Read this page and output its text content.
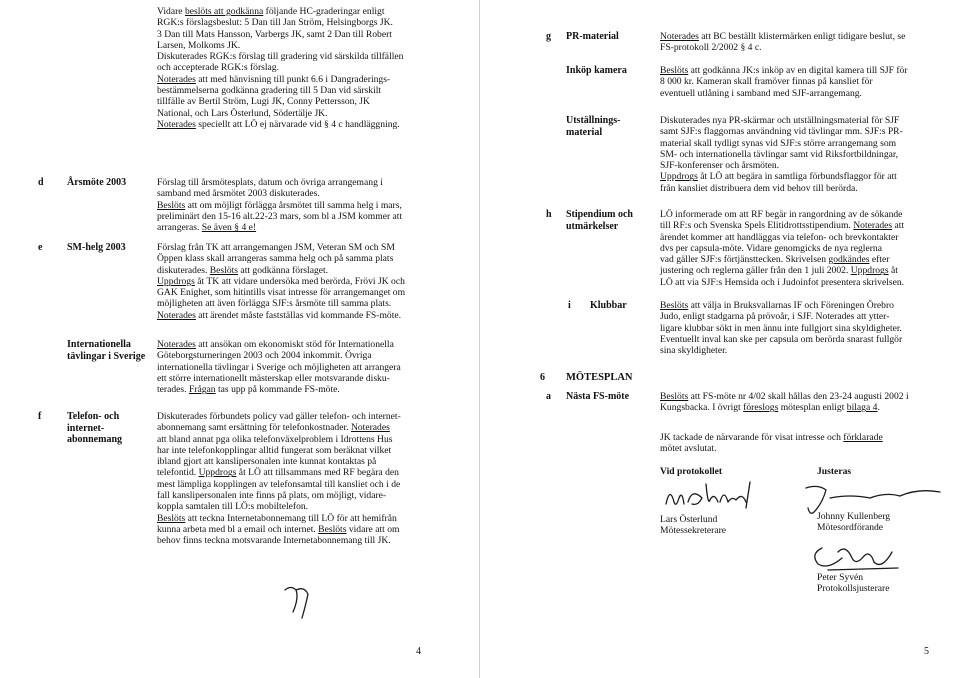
Vidare beslöts att godkänna följande HC-graderingar enligt
RGK:s förslagsbeslut: 5 Dan till Jan Ström, Helsingborgs JK.
3 Dan till Mats Hansson, Varbergs JK, samt 2 Dan till Robert
Larsen, Molkoms JK.
Diskuterades RGK:s förslag till gradering vid särskilda tillfällen
och accepterade RGK:s förslag.
Noterades att med hänvisning till punkt 6.6 i Dangraderings-
bestämmelserna godkänna gradering till 5 Dan vid särskilt
tillfälle av Bertil Ström, Lugi JK, Conny Pettersson, JK
National, och Lars Österlund, Södertälje JK.
Noterades speciellt att LÖ ej närvarade vid § 4 c handläggning.
d Årsmöte 2003	Förslag till årsmötesplats, datum och övriga arrangemang i
samband med årsmötet 2003 diskuterades.
Beslöts att om möjligt förlägga årsmötet till samma helg i mars,
preliminärt den 15-16 alt.22-23 mars, som bl a JSM kommer att
arrangeras. Se även § 4 e!
e SM-helg 2003	Förslag från TK att arrangemangen JSM, Veteran SM och SM
Öppen klass skall arrangeras samma helg och på samma plats
diskuterades. Beslöts att godkänna förslaget.
Uppdrogs åt TK att vidare undersöka med berörda, Frövi JK och
GAK Enighet, som hitintills visat intresse för arrangemanget om
möjligheten att även förlägga SJF:s årsmöte till samma plats.
Noterades att ärendet måste fastställas vid kommande FS-möte.
Internationella
tävlingar i Sverige
Noterades att ansökan om ekonomiskt stöd för Internationella
Göteborgsturneringen 2003 och 2004 inkommit. Övriga
internationella tävlingar i Sverige och möjligheten att arrangera
ett större internationellt mästerskap eller motsvarande disku-
terades. Frågan tas upp på kommande FS-möte.
f	Telefon- och
internet-
abonnemang
Diskuterades förbundets policy vad gäller telefon- och internet-
abonnemang samt ersättning för telefonkostnader. Noterades
att bland annat pga olika telefonväxelproblem i Idrottens Hus
har inte telefonkopplingar alltid fungerat som beräknat vilket
ibland gjort att kanslipersonalen inte kunnat kontaktas på
telefontid. Uppdrogs åt LÖ att tillsammans med RF begära den
mest lämpliga kopplingen av telefonsamtal till kansliet och i de
fall kanslipersonalen inte finns på plats, om möjligt, vidare-
koppla samtalen till LÖ:s mobiltelefon.
Beslöts att teckna Internetabonnemang till LÖ för att hemifrån
kunna arbeta med bl a email och internet. Beslöts vidare att om
behov finns teckna motsvarande Internetabonnemang till JK.
4
g PR-material	Noterades att BC beställt klistermärken enligt tidigare beslut, se
FS-protokoll 2/2002 § 4 c.
Inköp kamera	Beslöts att godkänna JK:s inköp av en digital kamera till SJF för
8 000 kr. Kameran skall framöver finnas på kansliet för
eventuell utlåning i samband med SJF-arrangemang.
Utställnings-
material
Diskuterades nya PR-skärmar och utställningsmaterial för SJF
samt SJF:s flaggornas användning vid tävlingar mm. SJF:s PR-
material skall tydligt synas vid SJF:s större arrangemang som
SM- och internationella tävlingar samt vid Riksfortbildningar,
SJF-konferenser och årsmöten.
Uppdrogs åt LÖ att begära in samtliga förbundsflaggor för att
från kansliet distribuera dem vid behov till berörda.
h Stipendium och
utmärkelser
LÖ informerade om att RF begär in rangordning av de sökande
till RF:s och Svenska Spels Elitidrottsstipendium. Noterades att
ärendet kommer att handläggas via telefon- och brevkontakter
dvs per capsula-möte. Vidare genomgicks de nya reglerna
vad gäller SJF:s förtjänsttecken. Skrivelsen godkändes efter
justering och reglerna gäller från den 1 juli 2002. Uppdrogs åt
LÖ att via SJF:s Hemsida och i Judoinfot presentera skrivelsen.
i Klubbar	Beslöts att välja in Bruksvallarnas IF och Föreningen Örebro
Judo, enligt stadgarna på prövoår, i SJF. Noterades att ytter-
ligare klubbar sökt in men ännu inte fullgjort sina skyldigheter.
Eventuellt inval kan ske per capsula om berörda snarast fullgör
sina skyldigheter.
6 MÖTESPLAN
a Nästa FS-möte	Beslöts att FS-möte nr 4/02 skall hållas den 23-24 augusti 2002 i
Kungsbacka. I övrigt föreslogs mötesplan enligt bilaga 4.
JK tackade de närvarande för visat intresse och förklarade
mötet avslutat.
Vid protokollet	Justeras
Lars Österlund
Mötessekreterare
Johnny Kullenberg
Mötesordförande
Peter Syvén
Protokollsjusterare
5
